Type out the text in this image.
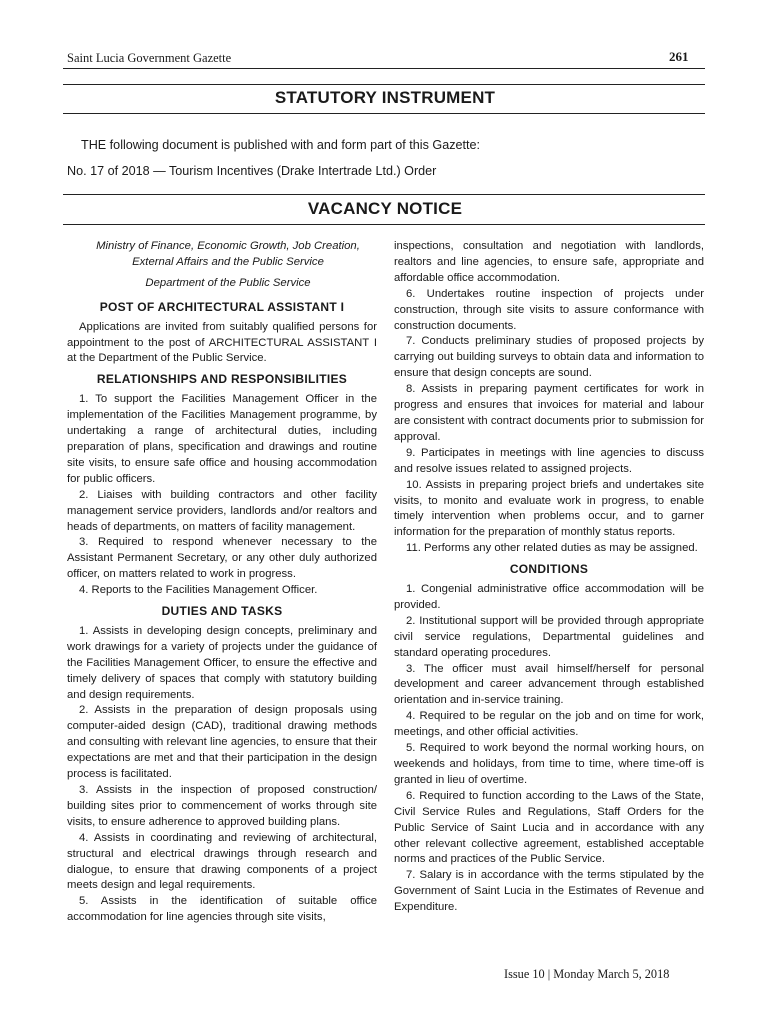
Saint Lucia Government Gazette	261
STATUTORY INSTRUMENT
THE following document is published with and form part of this Gazette:
No. 17 of 2018 — Tourism Incentives (Drake Intertrade Ltd.) Order
VACANCY NOTICE

Ministry of Finance, Economic Growth, Job Creation,

External Affairs and the Public Service

Department of the Public Service

POST OF ARCHITECTURAL ASSISTANT I

Applications are invited from suitably qualified persons for appointment to the post of ARCHITECTURAL ASSISTANT I at the Department of the Public Service.

RELATIONSHIPS AND RESPONSIBILITIES

1. To support the Facilities Management Officer in the implementation of the Facilities Management programme, by undertaking a range of architectural duties, including preparation of plans, specification and drawings and routine site visits, to ensure safe office and housing accommodation for public officers.

2. Liaises with building contractors and other facility management service providers, landlords and/or realtors and heads of departments, on matters of facility management.

3. Required to respond whenever necessary to the Assistant Permanent Secretary, or any other duly authorized officer, on matters related to work in progress.

4. Reports to the Facilities Management Officer.

DUTIES AND TASKS

1. Assists in developing design concepts, preliminary and work drawings for a variety of projects under the guidance of the Facilities Management Officer, to ensure the effective and timely delivery of spaces that comply with statutory building and design requirements.

2. Assists in the preparation of design proposals using computer-aided design (CAD), traditional drawing methods and consulting with relevant line agencies, to ensure that their expectations are met and that their participation in the design process is facilitated.

3. Assists in the inspection of proposed construction/ building sites prior to commencement of works through site visits, to ensure adherence to approved building plans.

4. Assists in coordinating and reviewing of architectural, structural and electrical drawings through research and dialogue, to ensure that drawing components of a project meets design and legal requirements.

5. Assists in the identification of suitable office accommodation for line agencies through site visits,

inspections, consultation and negotiation with landlords, realtors and line agencies, to ensure safe, appropriate and affordable office accommodation.

6. Undertakes routine inspection of projects under construction, through site visits to assure conformance with construction documents.

7. Conducts preliminary studies of proposed projects by carrying out building surveys to obtain data and information to ensure that design concepts are sound.

8. Assists in preparing payment certificates for work in progress and ensures that invoices for material and labour are consistent with contract documents prior to submission for approval.

9. Participates in meetings with line agencies to discuss and resolve issues related to assigned projects.

10. Assists in preparing project briefs and undertakes site visits, to monito and evaluate work in progress, to enable timely intervention when problems occur, and to garner information for the preparation of monthly status reports.

11. Performs any other related duties as may be assigned.

CONDITIONS

1. Congenial administrative office accommodation will be provided.

2. Institutional support will be provided through appropriate civil service regulations, Departmental guidelines and standard operating procedures.

3. The officer must avail himself/herself for personal development and career advancement through established orientation and in-service training.

4. Required to be regular on the job and on time for work, meetings, and other official activities.

5. Required to work beyond the normal working hours, on weekends and holidays, from time to time, where time-off is granted in lieu of overtime.

6. Required to function according to the Laws of the State, Civil Service Rules and Regulations, Staff Orders for the Public Service of Saint Lucia and in accordance with any other relevant collective agreement, established acceptable norms and practices of the Public Service.

7. Salary is in accordance with the terms stipulated by the Government of Saint Lucia in the Estimates of Revenue and Expenditure.

Issue 10 | Monday March 5, 2018
